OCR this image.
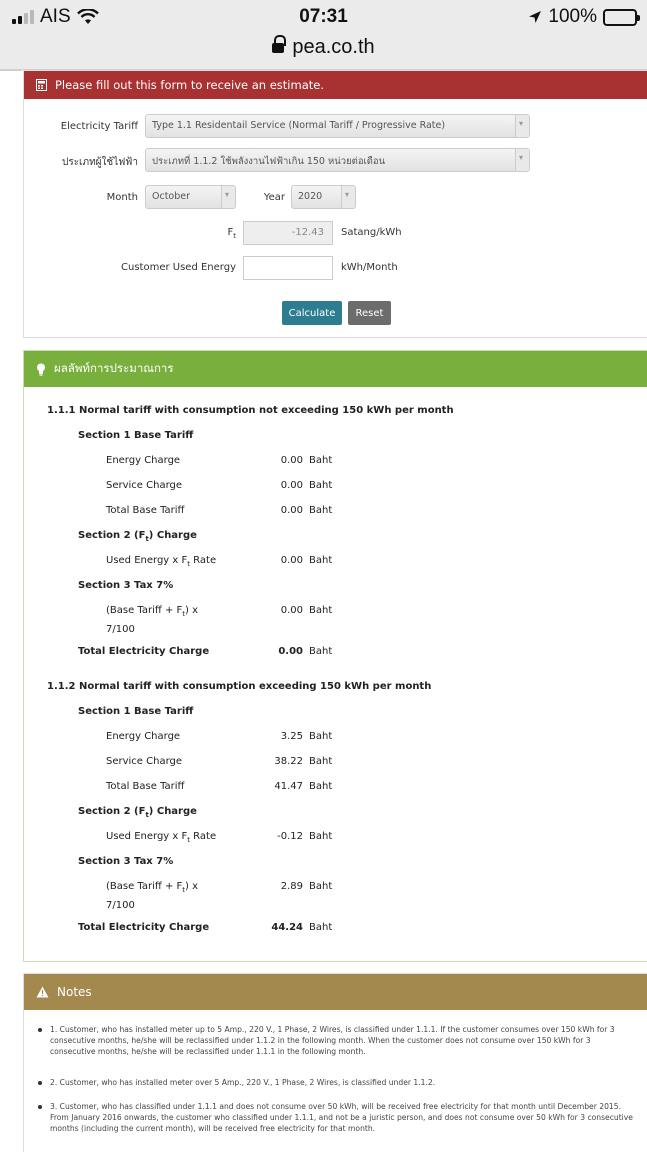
AIS	07:31	100%
pea.co.th
Please fill out this form to receive an estimate.
Electricity Tariff	Type 1.1 Residentail Service (Normal Tariff / Progressive Rate)
▾
ประเภทผู้ใช้ไฟฟ้า	ประเภทที่ 1.1.2 ใช้พลังงานไฟฟ้าเกิน 150 หน่วยต่อเดือน
▾
Month	October
▾	Year	2020
▾
$F_t$	-12.43	Satang/kWh
Customer Used Energy	kWh/Month
Calculate	Reset
ผลลัพท์การประมาณการ
1.1.1 Normal tariff with consumption not exceeding 150 kWh per month
Section 1 Base Tariff
Energy Charge	0.00 Baht
Service Charge	0.00 Baht
Total Base Tariff	0.00 Baht
Section 2 $(F_t)$ Charge
Used Energy x $F_t$ Rate	0.00 Baht
Section 3 Tax 7%
(Base Tariff + $F_t$) x
7/100
0.00 Baht
Total Electricity Charge	0.00 Baht
1.1.2 Normal tariff with consumption exceeding 150 kWh per month
Section 1 Base Tariff
Energy Charge	3.25 Baht
Service Charge	38.22 Baht
Total Base Tariff	41.47 Baht
Section 2 $(F_t)$ Charge
Used Energy x $F_t$ Rate	-0.12 Baht
Section 3 Tax 7%
(Base Tariff + $F_t$) x
7/100
2.89 Baht
Total Electricity Charge	44.24 Baht
Notes
1. Customer, who has installed meter up to 5 Amp., 220 V., 1 Phase, 2 Wires, is classified under 1.1.1. If the customer consumes over 150 kWh for 3 consecutive months, he/she will be reclassified under 1.1.2 in the following month. When the customer does not consume over 150 kWh for 3 consecutive months, he/she will be reclassified under 1.1.1 in the following month.
2. Customer, who has installed meter over 5 Amp., 220 V., 1 Phase, 2 Wires, is classified under 1.1.2.
3. Customer, who has classified under 1.1.1 and does not consume over 50 kWh, will be received free electricity for that month until December 2015. From January 2016 onwards, the customer who classified under 1.1.1, and not be a juristic person, and does not consume over 50 kWh for 3 consecutive months (including the current month), will be received free electricity for that month.
